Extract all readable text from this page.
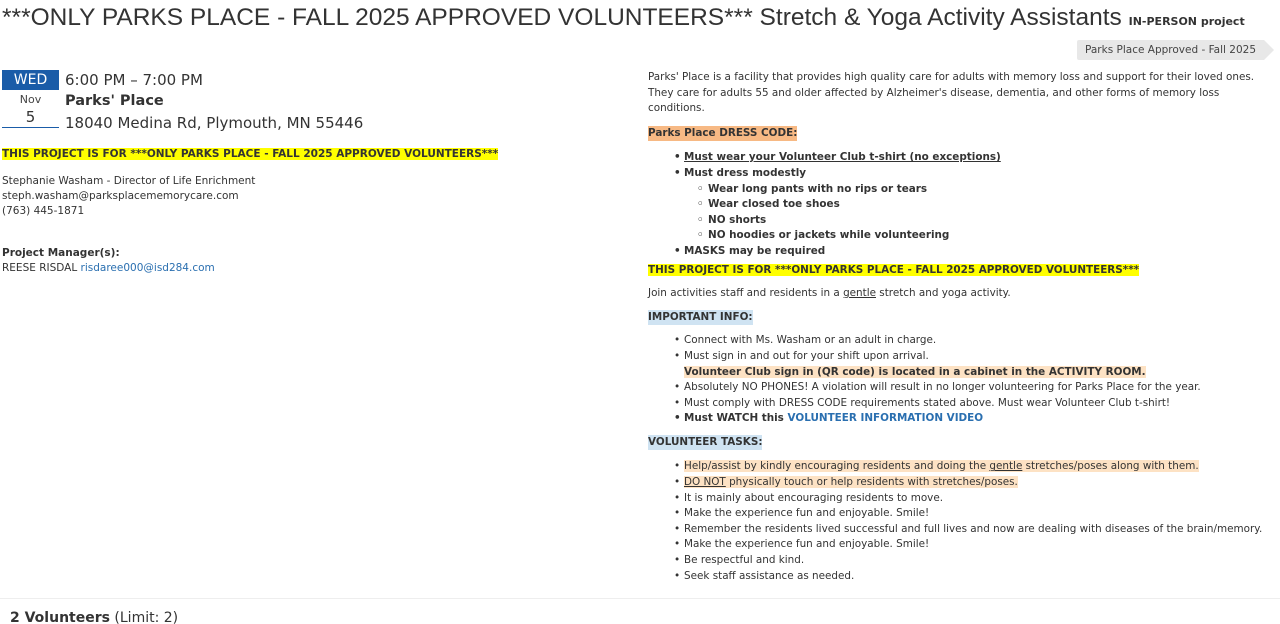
***ONLY PARKS PLACE - FALL 2025 APPROVED VOLUNTEERS*** Stretch & Yoga Activity Assistants IN-PERSON project
Parks Place Approved - Fall 2025
WED
Nov
5
6:00 PM – 7:00 PM
Parks' Place
18040 Medina Rd, Plymouth, MN 55446
THIS PROJECT IS FOR ***ONLY PARKS PLACE - FALL 2025 APPROVED VOLUNTEERS***
Stephanie Washam - Director of Life Enrichment
steph.washam@parksplacememorycare.com
(763) 445-1871
Project Manager(s):
REESE RISDAL risdaree000@isd284.com

Parks' Place is a facility that provides high quality care for adults with memory loss and support for their loved ones.

They care for adults 55 and older affected by Alzheimer's disease, dementia, and other forms of memory loss conditions.

Parks Place DRESS CODE:

• Must wear your Volunteer Club t-shirt (no exceptions)
• Must dress modestly
◦ Wear long pants with no rips or tears
◦ Wear closed toe shoes
◦ NO shorts
◦ NO hoodies or jackets while volunteering
• MASKS may be required

THIS PROJECT IS FOR ***ONLY PARKS PLACE - FALL 2025 APPROVED VOLUNTEERS***

Join activities staff and residents in a gentle stretch and yoga activity.

IMPORTANT INFO:

• Connect with Ms. Washam or an adult in charge.
• Must sign in and out for your shift upon arrival.
Volunteer Club sign in (QR code) is located in a cabinet in the ACTIVITY ROOM.
• Absolutely NO PHONES! A violation will result in no longer volunteering for Parks Place for the year.
• Must comply with DRESS CODE requirements stated above. Must wear Volunteer Club t-shirt!
• Must WATCH this VOLUNTEER INFORMATION VIDEO

VOLUNTEER TASKS:

• Help/assist by kindly encouraging residents and doing the gentle stretches/poses along with them.
• DO NOT physically touch or help residents with stretches/poses.
• It is mainly about encouraging residents to move.
• Make the experience fun and enjoyable. Smile!
• Remember the residents lived successful and full lives and now are dealing with diseases of the brain/memory.
• Make the experience fun and enjoyable. Smile!
• Be respectful and kind.
• Seek staff assistance as needed.
2 Volunteers (Limit: 2)
